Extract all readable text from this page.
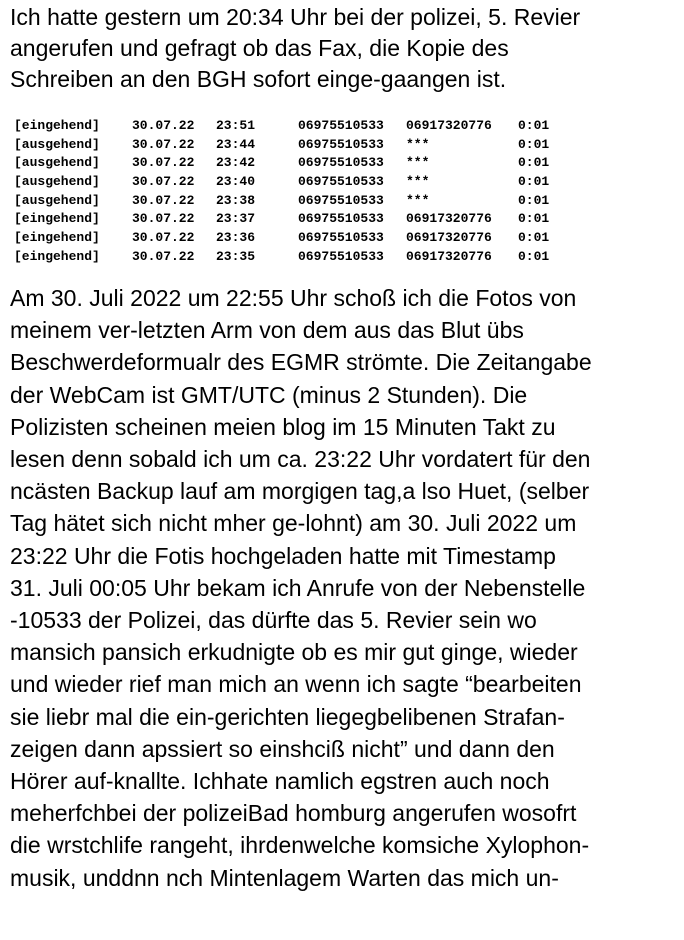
Ich hatte gestern um 20:34 Uhr bei der polizei, 5. Revier
angerufen und gefragt ob das Fax, die Kopie des
Schreiben an den BGH sofort einge-gaangen ist.
[eingehend] 30.07.22 23:51	06975510533 06917320776 0:01
[ausgehend] 30.07.22 23:44	06975510533 ***	0:01
[ausgehend] 30.07.22 23:42	06975510533 ***	0:01
[ausgehend] 30.07.22 23:40	06975510533 ***	0:01
[ausgehend] 30.07.22 23:38	06975510533 ***	0:01
[eingehend] 30.07.22 23:37	06975510533 06917320776 0:01
[eingehend] 30.07.22 23:36	06975510533 06917320776 0:01
[eingehend] 30.07.22 23:35	06975510533 06917320776 0:01
Am 30. Juli 2022 um 22:55 Uhr schoß ich die Fotos von
meinem ver-letzten Arm von dem aus das Blut übs
Beschwerdeformualr des EGMR strömte. Die Zeitangabe
der WebCam ist GMT/UTC (minus 2 Stunden). Die
Polizisten scheinen meien blog im 15 Minuten Takt zu
lesen denn sobald ich um ca. 23:22 Uhr vordatert für den
ncästen Backup lauf am morgigen tag,a lso Huet, (selber
Tag hätet sich nicht mher ge-lohnt) am 30. Juli 2022 um
23:22 Uhr die Fotis hochgeladen hatte mit Timestamp
31. Juli 00:05 Uhr bekam ich Anrufe von der Nebenstelle
-10533 der Polizei, das dürfte das 5. Revier sein wo
mansich pansich erkudnigte ob es mir gut ginge, wieder
und wieder rief man mich an wenn ich sagte “bearbeiten
sie liebr mal die ein-gerichten liegegbelibenen Strafan-
zeigen dann apssiert so einshciß nicht” und dann den
Hörer auf-knallte. Ichhate namlich egstren auch noch
meherfchbei der polizeiBad homburg angerufen wosofrt
die wrstchlife rangeht, ihrdenwelche komsiche Xylophon-
musik, unddnn nch Mintenlagem Warten das mich un-
